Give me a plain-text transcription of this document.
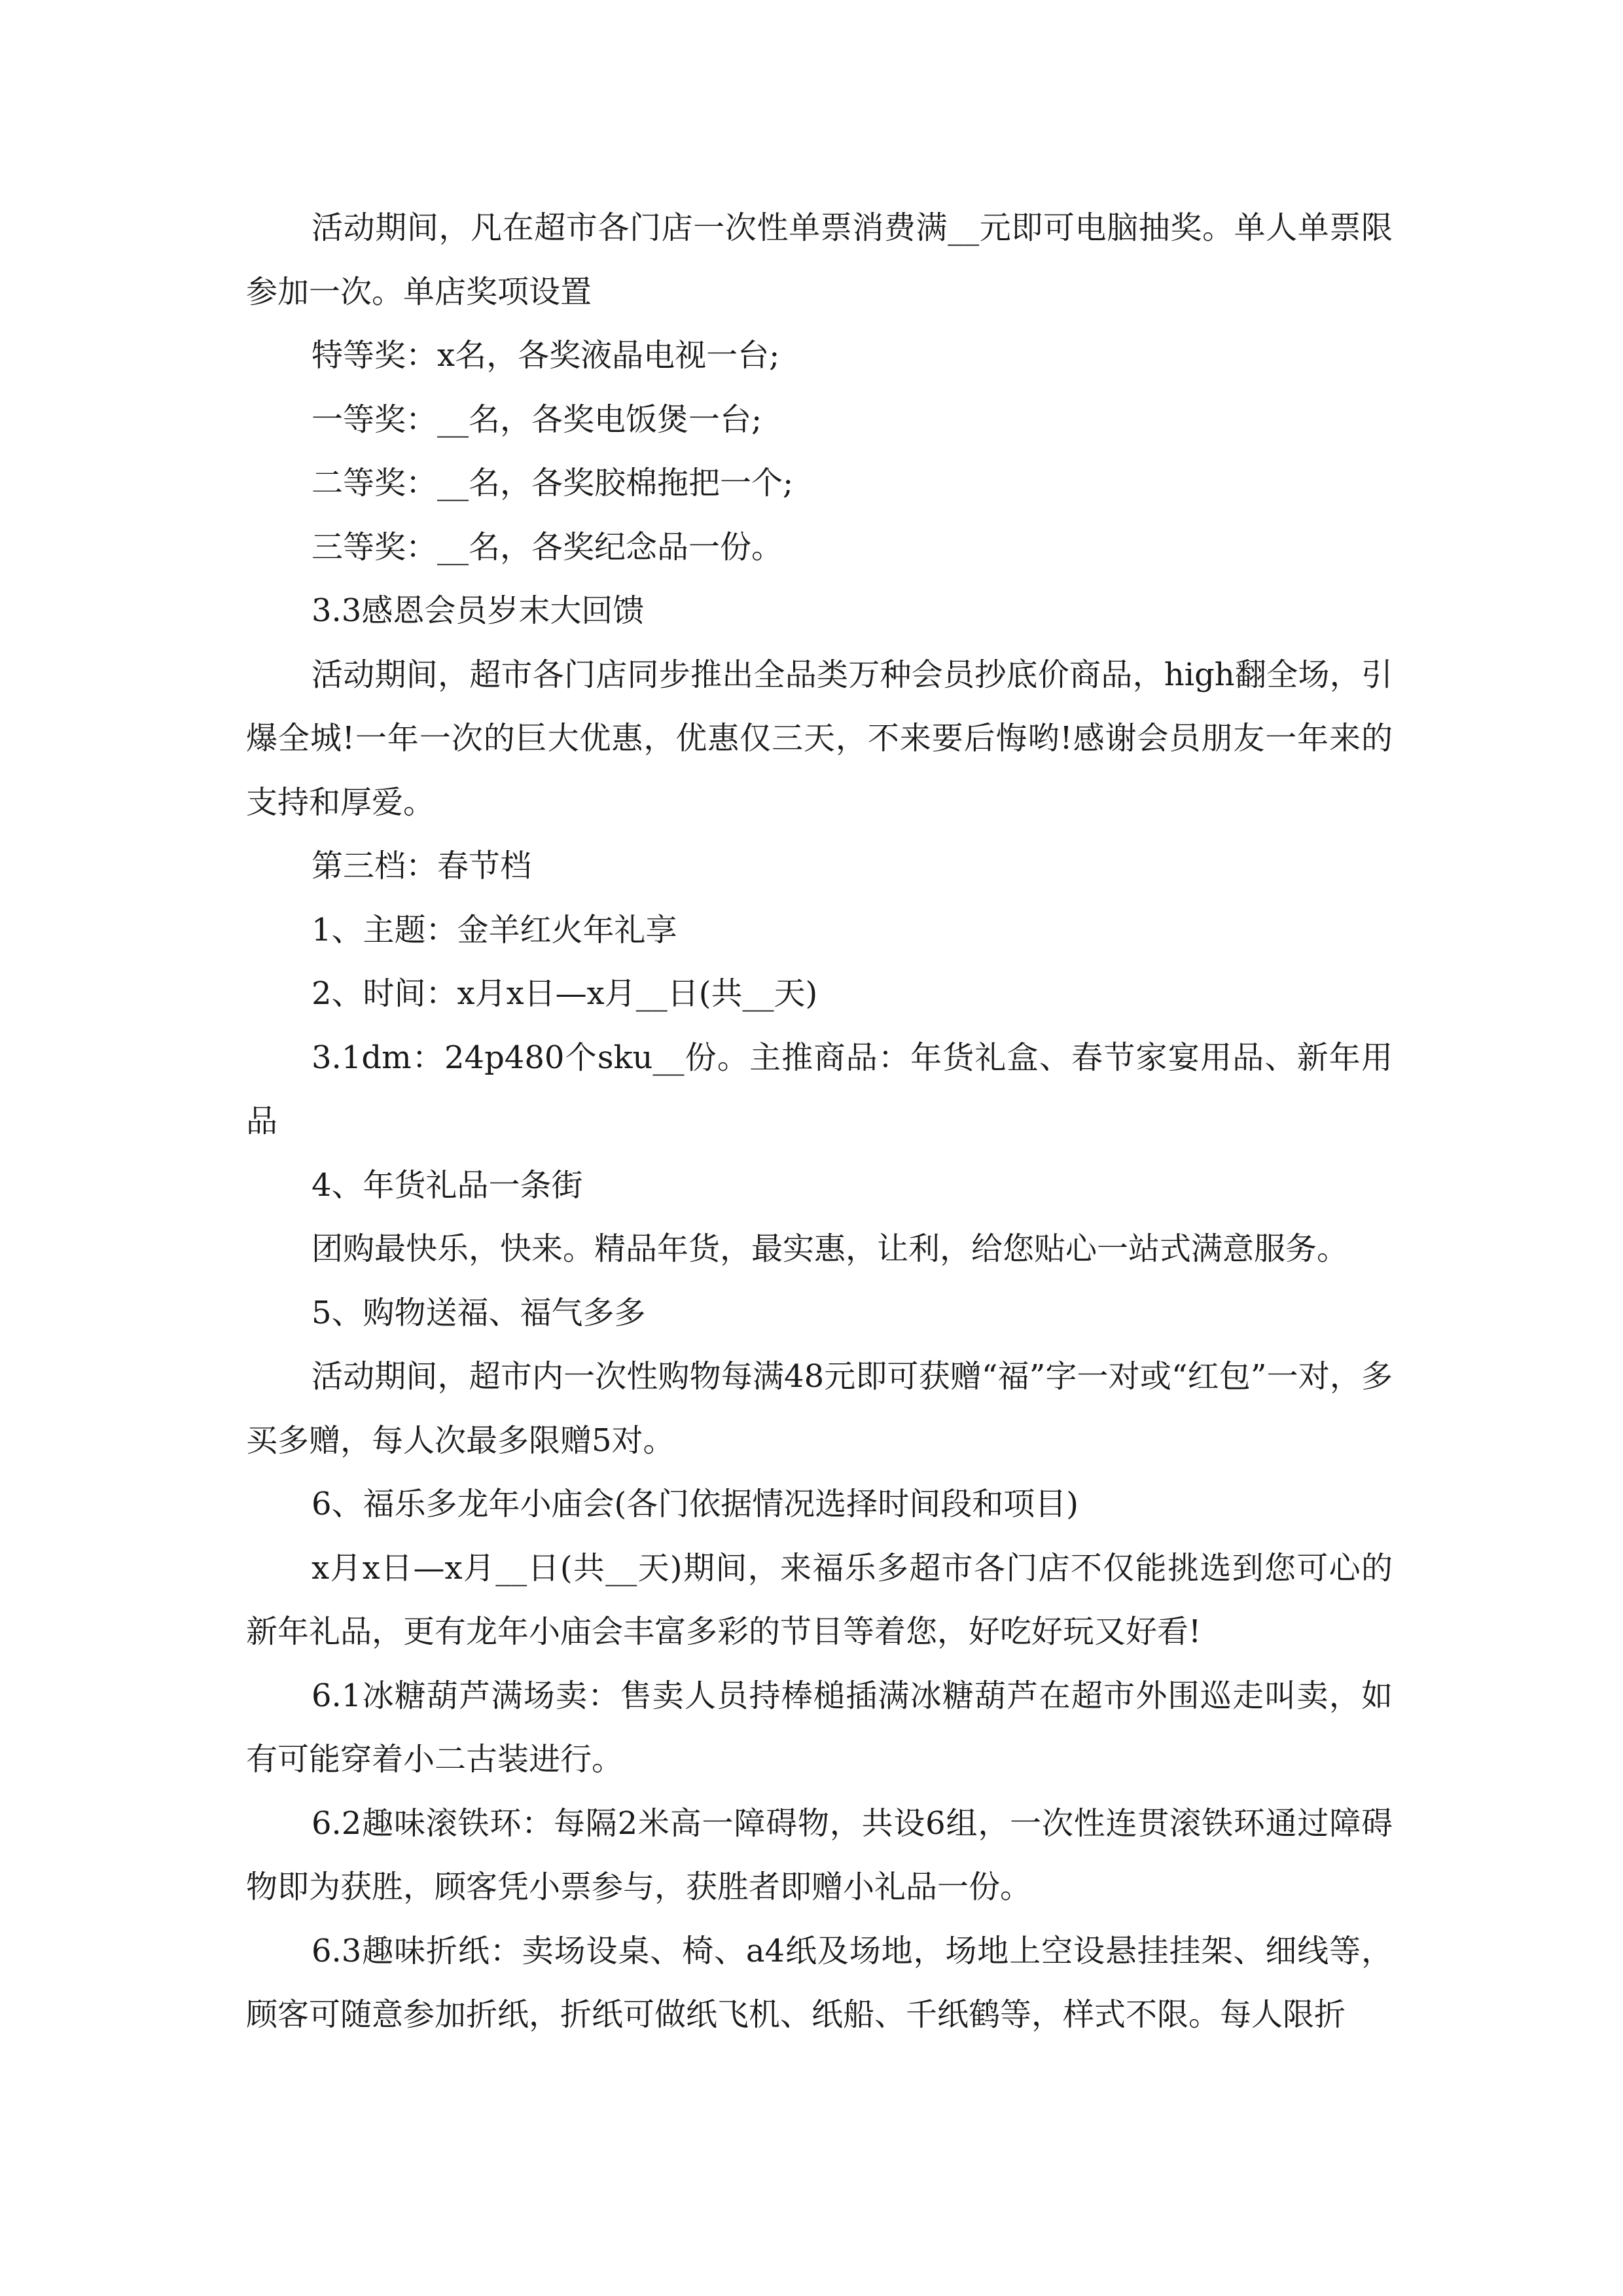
活动期间，凡在超市各门店一次性单票消费满__元即可电脑抽奖。单人单票限参加一次。单店奖项设置

特等奖：x名，各奖液晶电视一台;

一等奖：__名，各奖电饭煲一台;

二等奖：__名，各奖胶棉拖把一个;

三等奖：__名，各奖纪念品一份。

3.3感恩会员岁末大回馈

活动期间，超市各门店同步推出全品类万种会员抄底价商品，high翻全场，引爆全城!一年一次的巨大优惠，优惠仅三天，不来要后悔哟!感谢会员朋友一年来的支持和厚爱。

第三档：春节档

1、主题：金羊红火年礼享

2、时间：x月x日—x月__日(共__天)

3.1dm：24p480个sku__份。主推商品：年货礼盒、春节家宴用品、新年用品

4、年货礼品一条街

团购最快乐，快来。精品年货，最实惠，让利，给您贴心一站式满意服务。

5、购物送福、福气多多

活动期间，超市内一次性购物每满48元即可获赠“福”字一对或“红包”一对，多买多赠，每人次最多限赠5对。

6、福乐多龙年小庙会(各门依据情况选择时间段和项目)

x月x日—x月__日(共__天)期间，来福乐多超市各门店不仅能挑选到您可心的新年礼品，更有龙年小庙会丰富多彩的节目等着您，好吃好玩又好看!

6.1冰糖葫芦满场卖：售卖人员持棒槌插满冰糖葫芦在超市外围巡走叫卖，如有可能穿着小二古装进行。

6.2趣味滚铁环：每隔2米高一障碍物，共设6组，一次性连贯滚铁环通过障碍物即为获胜，顾客凭小票参与，获胜者即赠小礼品一份。

6.3趣味折纸：卖场设桌、椅、a4纸及场地，场地上空设悬挂挂架、细线等，顾客可随意参加折纸，折纸可做纸飞机、纸船、千纸鹤等，样式不限。每人限折
